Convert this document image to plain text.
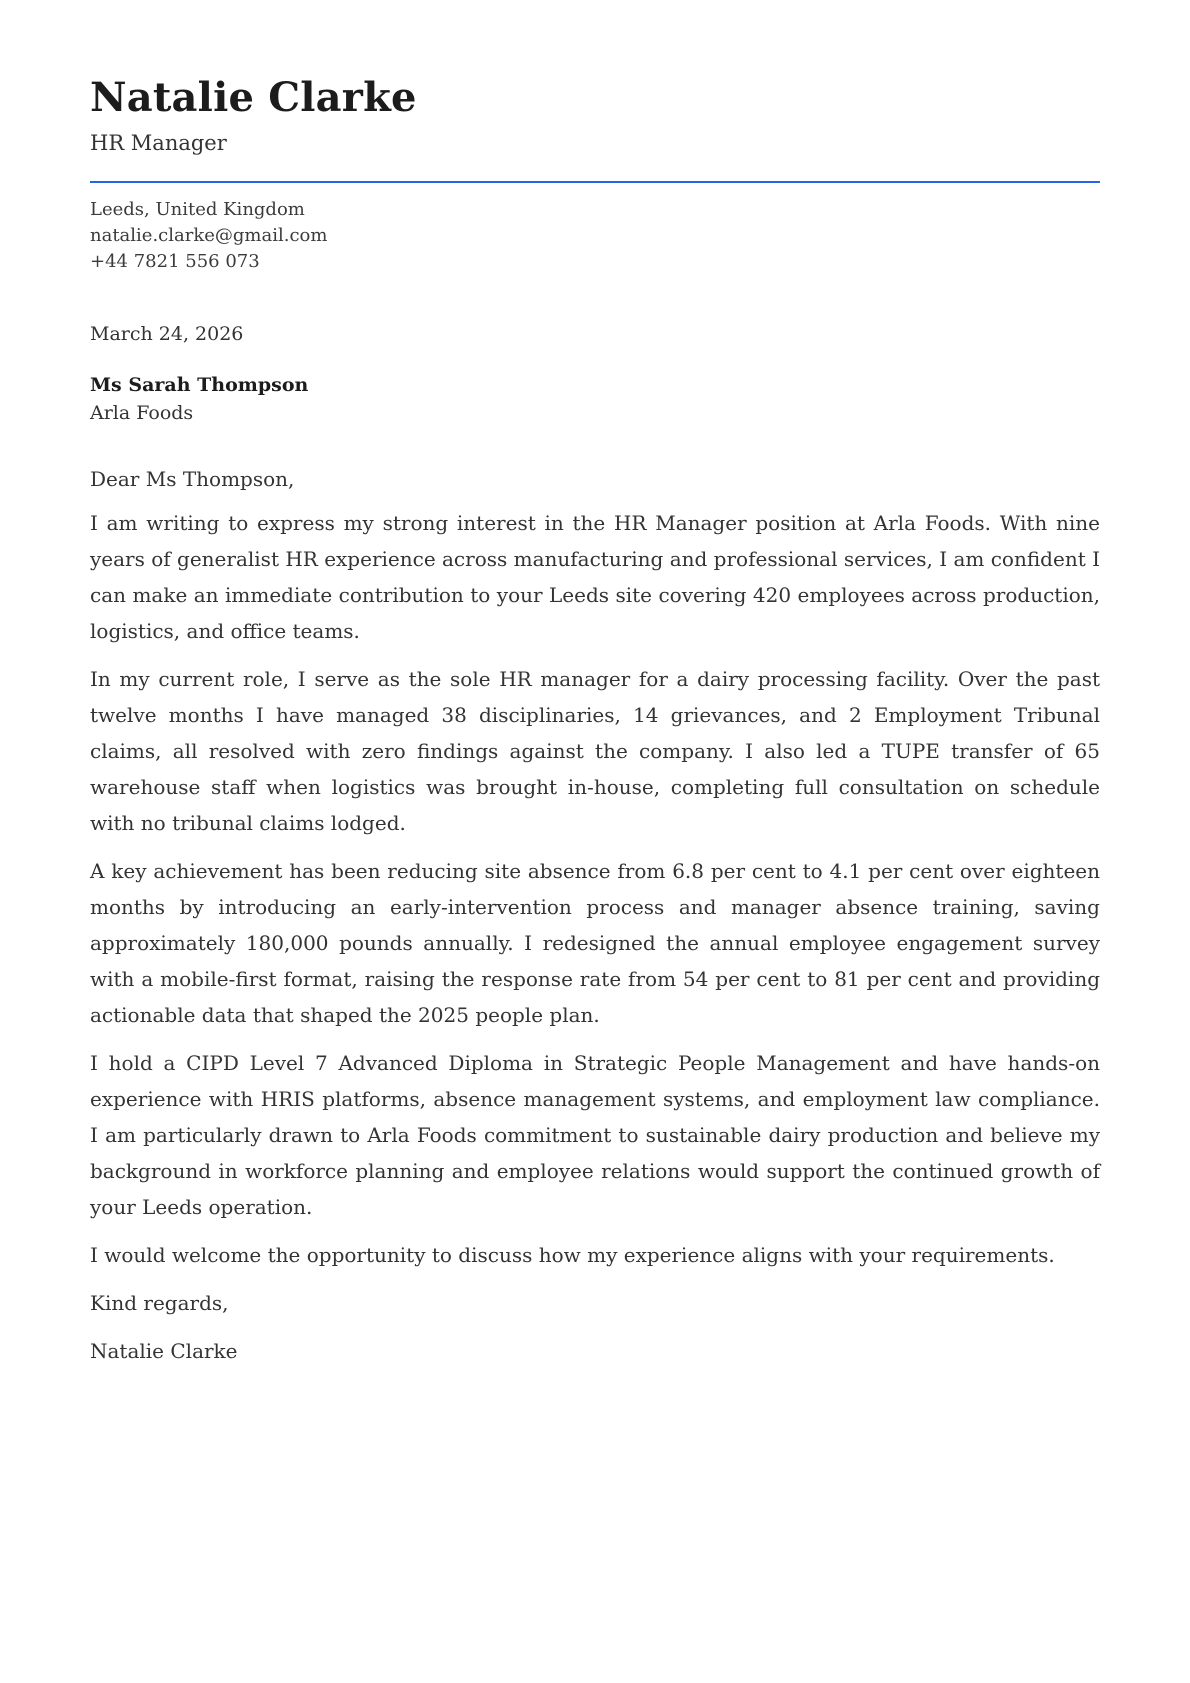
Natalie Clarke

HR Manager

Leeds, United Kingdom
natalie.clarke@gmail.com
+44 7821 556 073
March 24, 2026
Ms Sarah Thompson
Arla Foods

Dear Ms Thompson,

I am writing to express my strong interest in the HR Manager position at Arla Foods. With nine years of generalist HR experience across manufacturing and professional services, I am confident I can make an immediate contribution to your Leeds site covering 420 employees across production, logistics, and office teams.

In my current role, I serve as the sole HR manager for a dairy processing facility. Over the past twelve months I have managed 38 disciplinaries, 14 grievances, and 2 Employment Tribunal claims, all resolved with zero findings against the company. I also led a TUPE transfer of 65 warehouse staff when logistics was brought in-house, completing full consultation on schedule with no tribunal claims lodged.

A key achievement has been reducing site absence from 6.8 per cent to 4.1 per cent over eighteen months by introducing an early-intervention process and manager absence training, saving approximately 180,000 pounds annually. I redesigned the annual employee engagement survey with a mobile-first format, raising the response rate from 54 per cent to 81 per cent and providing actionable data that shaped the 2025 people plan.

I hold a CIPD Level 7 Advanced Diploma in Strategic People Management and have hands-on experience with HRIS platforms, absence management systems, and employment law compliance. I am particularly drawn to Arla Foods commitment to sustainable dairy production and believe my background in workforce planning and employee relations would support the continued growth of your Leeds operation.

I would welcome the opportunity to discuss how my experience aligns with your requirements.

Kind regards,

Natalie Clarke
